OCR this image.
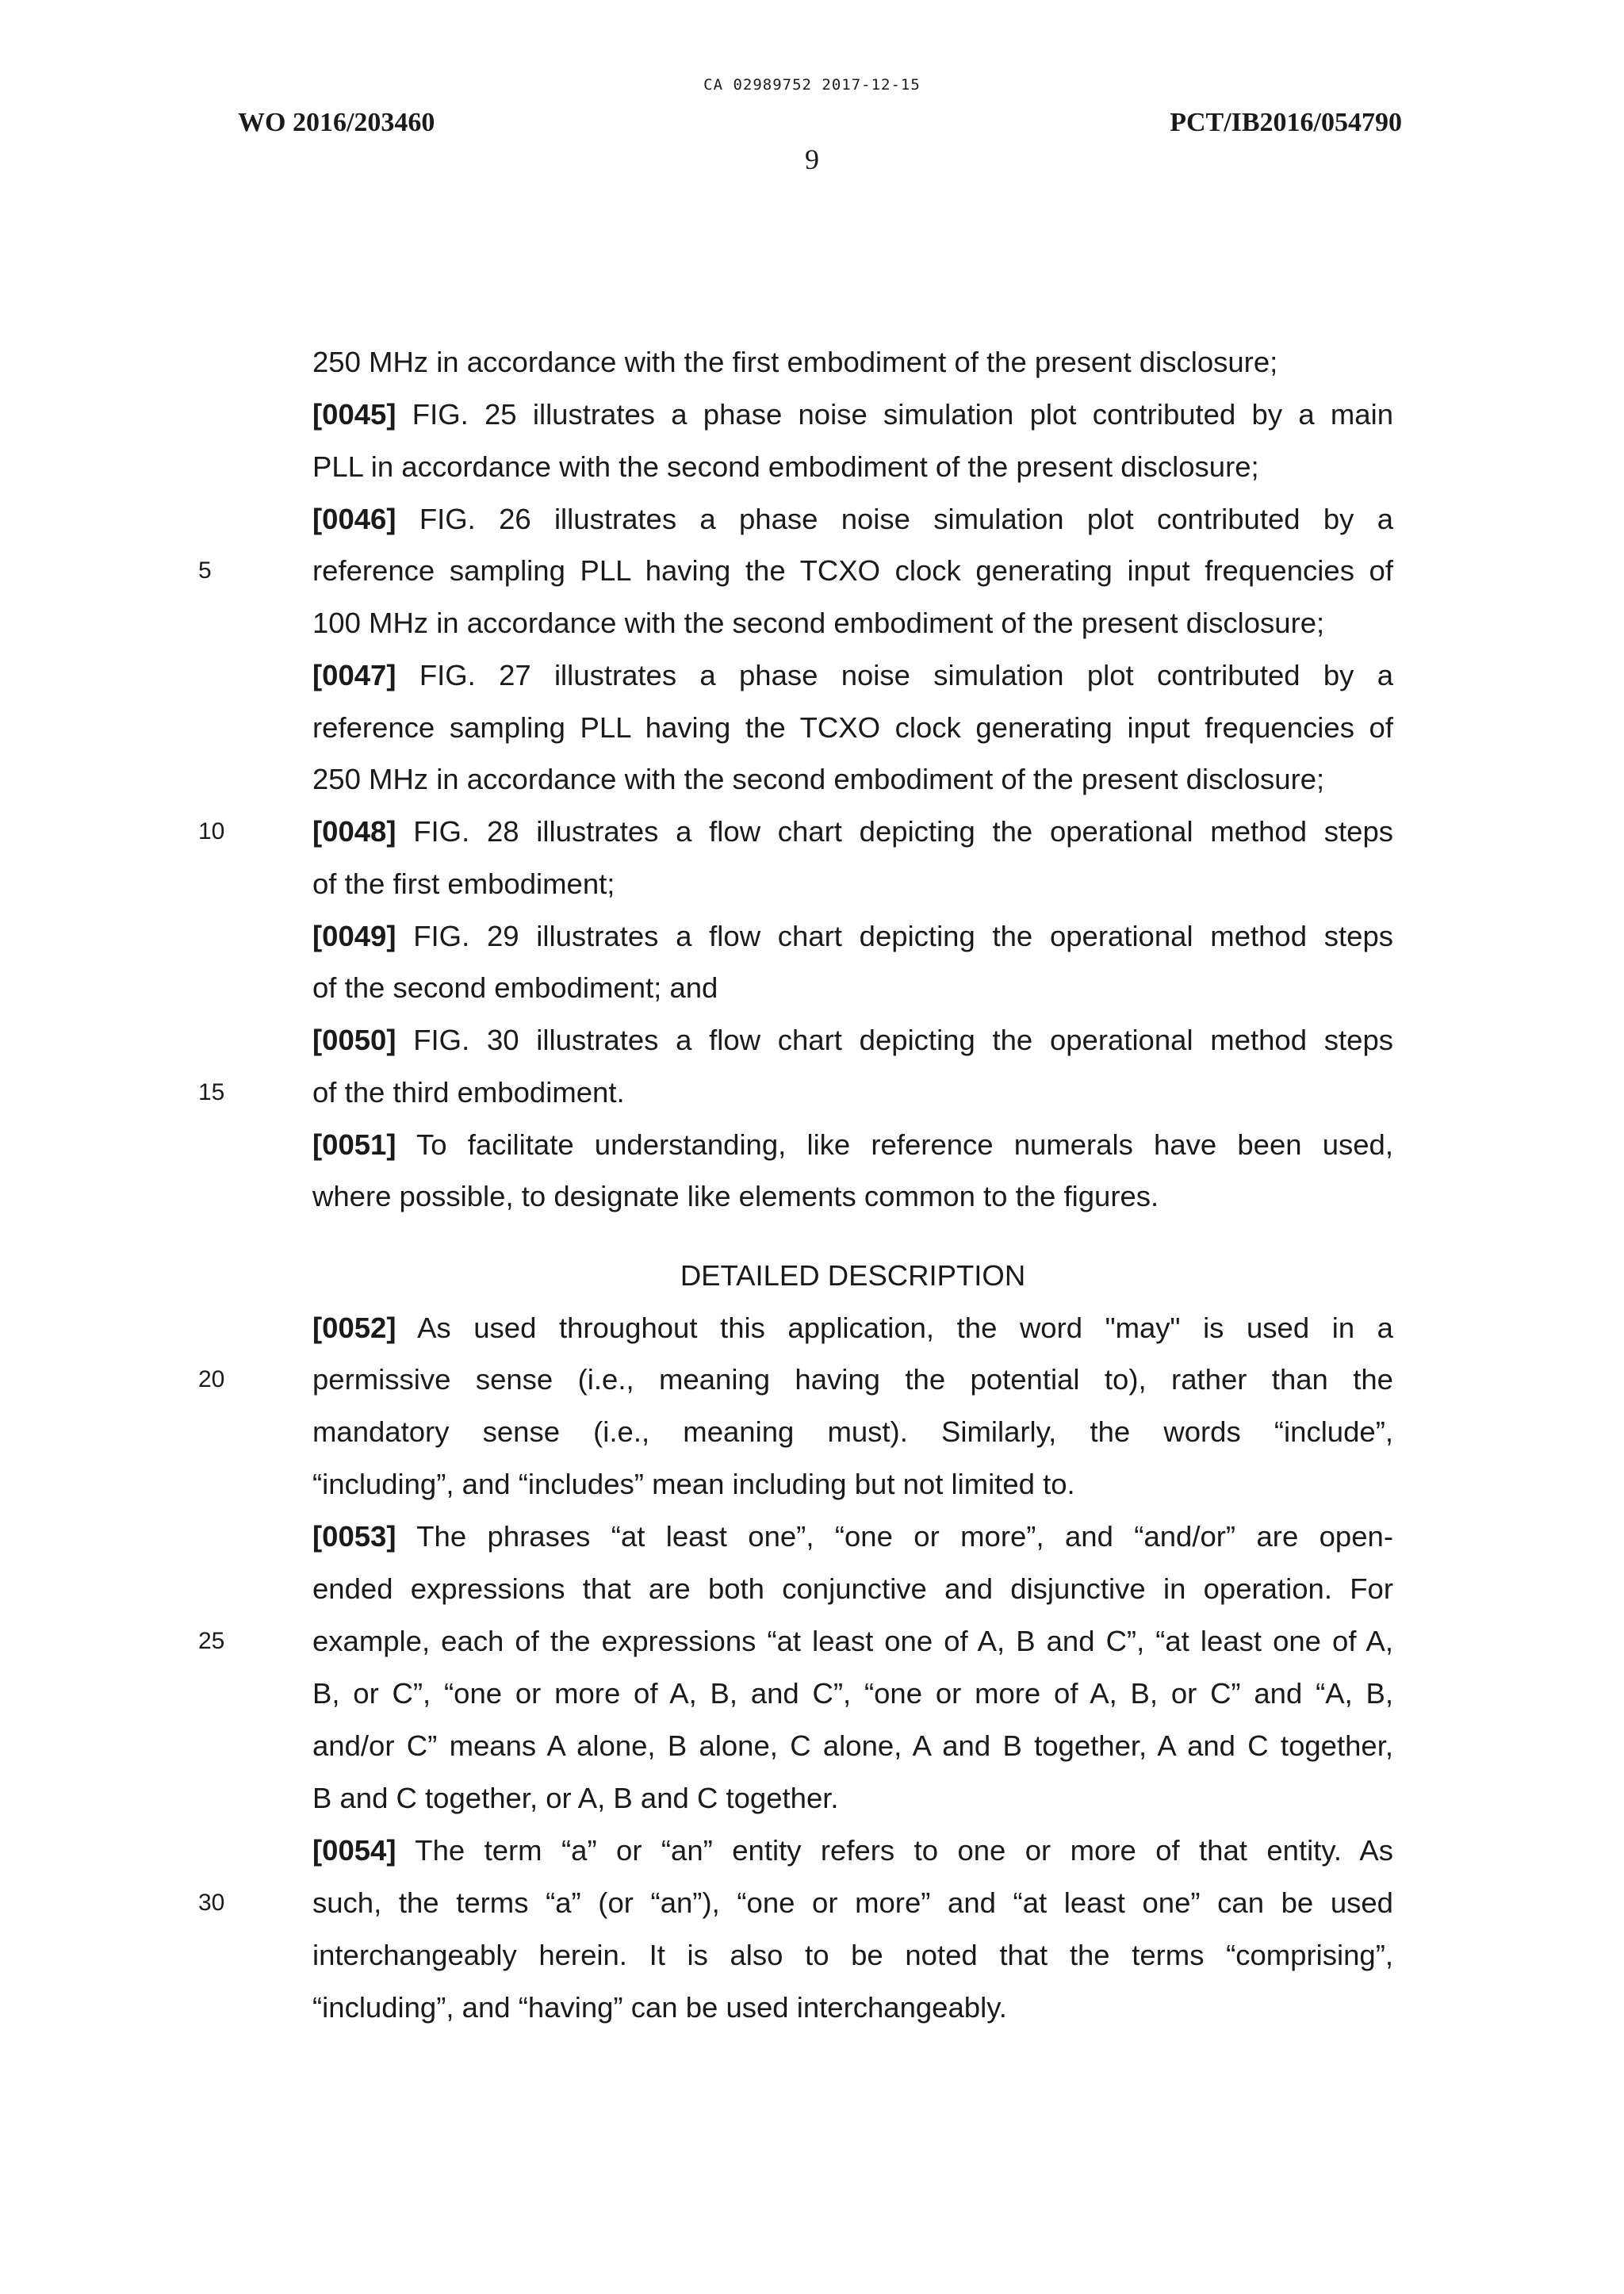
CA 02989752 2017-12-15
WO 2016/203460	PCT/IB2016/054790
9
5
10
15
20
25
30
250 MHz in accordance with the first embodiment of the present disclosure;
[0045] FIG. 25 illustrates a phase noise simulation plot contributed by a main
PLL in accordance with the second embodiment of the present disclosure;
[0046] FIG. 26 illustrates a phase noise simulation plot contributed by a
reference sampling PLL having the TCXO clock generating input frequencies of
100 MHz in accordance with the second embodiment of the present disclosure;
[0047] FIG. 27 illustrates a phase noise simulation plot contributed by a
reference sampling PLL having the TCXO clock generating input frequencies of
250 MHz in accordance with the second embodiment of the present disclosure;
[0048] FIG. 28 illustrates a flow chart depicting the operational method steps
of the first embodiment;
[0049] FIG. 29 illustrates a flow chart depicting the operational method steps
of the second embodiment; and
[0050] FIG. 30 illustrates a flow chart depicting the operational method steps
of the third embodiment.
[0051] To facilitate understanding, like reference numerals have been used,
where possible, to designate like elements common to the figures.
DETAILED DESCRIPTION
[0052] As used throughout this application, the word "may" is used in a
permissive sense (i.e., meaning having the potential to), rather than the
mandatory sense (i.e., meaning must). Similarly, the words “include”,
“including”, and “includes” mean including but not limited to.
[0053] The phrases “at least one”, “one or more”, and “and/or” are open-
ended expressions that are both conjunctive and disjunctive in operation. For
example, each of the expressions “at least one of A, B and C”, “at least one of A,
B, or C”, “one or more of A, B, and C”, “one or more of A, B, or C” and “A, B,
and/or C” means A alone, B alone, C alone, A and B together, A and C together,
B and C together, or A, B and C together.
[0054] The term “a” or “an” entity refers to one or more of that entity. As
such, the terms “a” (or “an”), “one or more” and “at least one” can be used
interchangeably herein. It is also to be noted that the terms “comprising”,
“including”, and “having” can be used interchangeably.
